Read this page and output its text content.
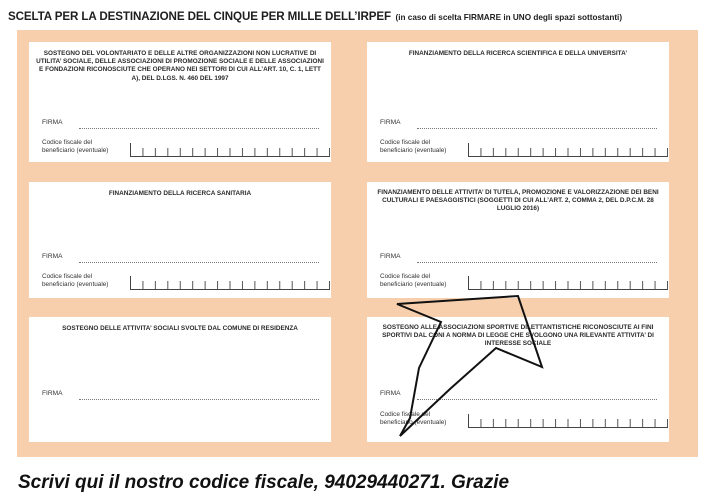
SCELTA PER LA DESTINAZIONE DEL CINQUE PER MILLE DELL’IRPEF (in caso di scelta FIRMARE in UNO degli spazi sottostanti)
SOSTEGNO DEL VOLONTARIATO E DELLE ALTRE ORGANIZZAZIONI NON LUCRATIVE DI UTILITA’ SOCIALE, DELLE ASSOCIAZIONI DI PROMOZIONE SOCIALE E DELLE ASSOCIAZIONI E FONDAZIONI RICONOSCIUTE CHE OPERANO NEI SETTORI DI CUI ALL’ART. 10, C. 1, LETT A), DEL D.LGS. N. 460 DEL 1997
FIRMA
Codice fiscale del
beneficiario (eventuale)
FINANZIAMENTO DELLA RICERCA SCIENTIFICA E DELLA UNIVERSITA’
FIRMA
Codice fiscale del
beneficiario (eventuale)
FINANZIAMENTO DELLA RICERCA SANITARIA
FIRMA
Codice fiscale del
beneficiario (eventuale)
FINANZIAMENTO DELLE ATTIVITA’ DI TUTELA, PROMOZIONE E VALORIZZAZIONE DEI BENI CULTURALI E PAESAGGISTICI (SOGGETTI DI CUI ALL’ART. 2, COMMA 2, DEL D.P.C.M. 28 LUGLIO 2016)
FIRMA
Codice fiscale del
beneficiario (eventuale)
SOSTEGNO DELLE ATTIVITA’ SOCIALI SVOLTE DAL COMUNE DI RESIDENZA
FIRMA
SOSTEGNO ALLE ASSOCIAZIONI SPORTIVE DILETTANTISTICHE RICONOSCIUTE AI FINI SPORTIVI DAL CONI A NORMA DI LEGGE CHE SVOLGONO UNA RILEVANTE ATTIVITA’ DI INTERESSE SOCIALE
FIRMA
Codice fiscale del
beneficiario (eventuale)
Scrivi qui il nostro codice fiscale, 94029440271. Grazie
